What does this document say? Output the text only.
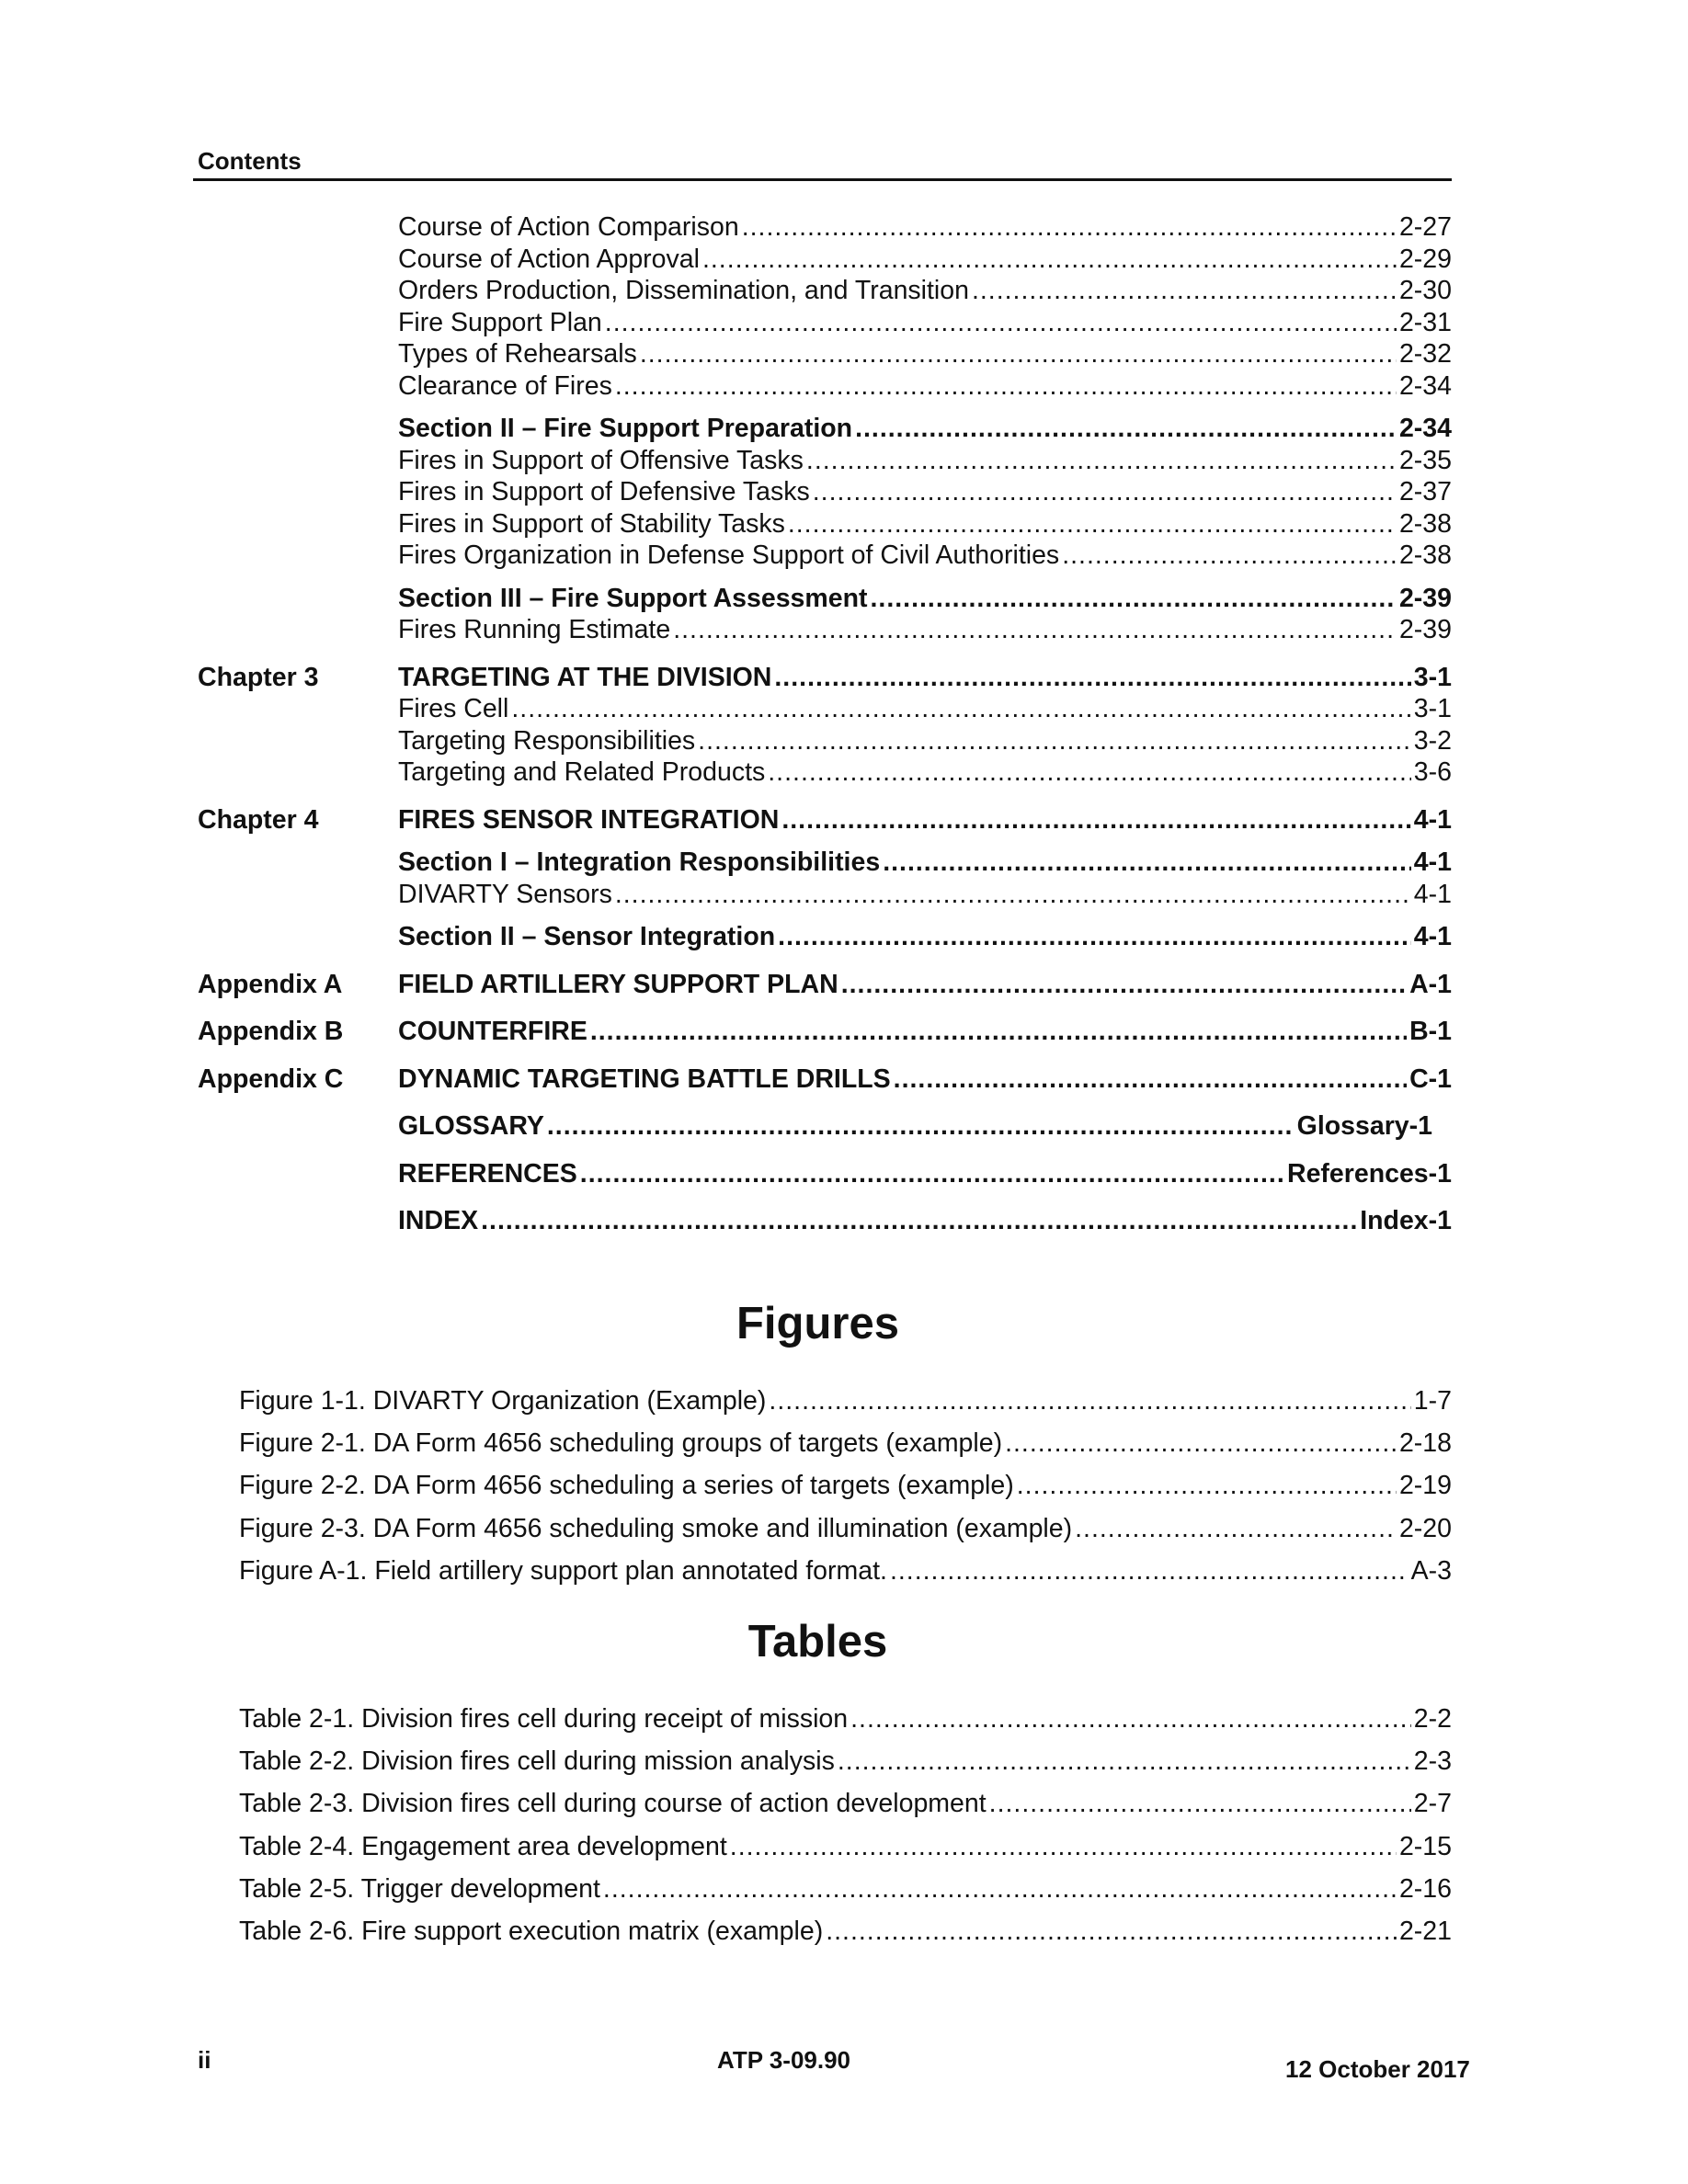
Contents
Course of Action Comparison .....	2-27
Course of Action Approval .....	2-29
Orders Production, Dissemination, and Transition .....	2-30
Fire Support Plan .....	2-31
Types of Rehearsals .....	2-32
Clearance of Fires .....	2-34
Section II – Fire Support Preparation .....	2-34
Fires in Support of Offensive Tasks .....	2-35
Fires in Support of Defensive Tasks .....	2-37
Fires in Support of Stability Tasks .....	2-38
Fires Organization in Defense Support of Civil Authorities .....	2-38
Section III – Fire Support Assessment .....	2-39
Fires Running Estimate .....	2-39
Chapter 3	TARGETING AT THE DIVISION .....	3-1
Fires Cell .....	3-1
Targeting Responsibilities .....	3-2
Targeting and Related Products .....	3-6
Chapter 4	FIRES SENSOR INTEGRATION .....	4-1
Section I – Integration Responsibilities .....	4-1
DIVARTY Sensors .....	4-1
Section II – Sensor Integration .....	4-1
Appendix A	FIELD ARTILLERY SUPPORT PLAN .....	A-1
Appendix B	COUNTERFIRE .....	B-1
Appendix C	DYNAMIC TARGETING BATTLE DRILLS .....	C-1
GLOSSARY .....	Glossary-1
REFERENCES .....	References-1
INDEX .....	Index-1
Figures
Figure 1-1. DIVARTY Organization (Example) .....	1-7
Figure 2-1. DA Form 4656 scheduling groups of targets (example) .....	2-18
Figure 2-2. DA Form 4656 scheduling a series of targets (example) .....	2-19
Figure 2-3. DA Form 4656 scheduling smoke and illumination (example) .....	2-20
Figure A-1. Field artillery support plan annotated format. .....	A-3
Tables
Table 2-1. Division fires cell during receipt of mission .....	2-2
Table 2-2. Division fires cell during mission analysis .....	2-3
Table 2-3. Division fires cell during course of action development .....	2-7
Table 2-4. Engagement area development .....	2-15
Table 2-5. Trigger development .....	2-16
Table 2-6. Fire support execution matrix (example) .....	2-21
ii	ATP 3-09.90	12 October 2017
